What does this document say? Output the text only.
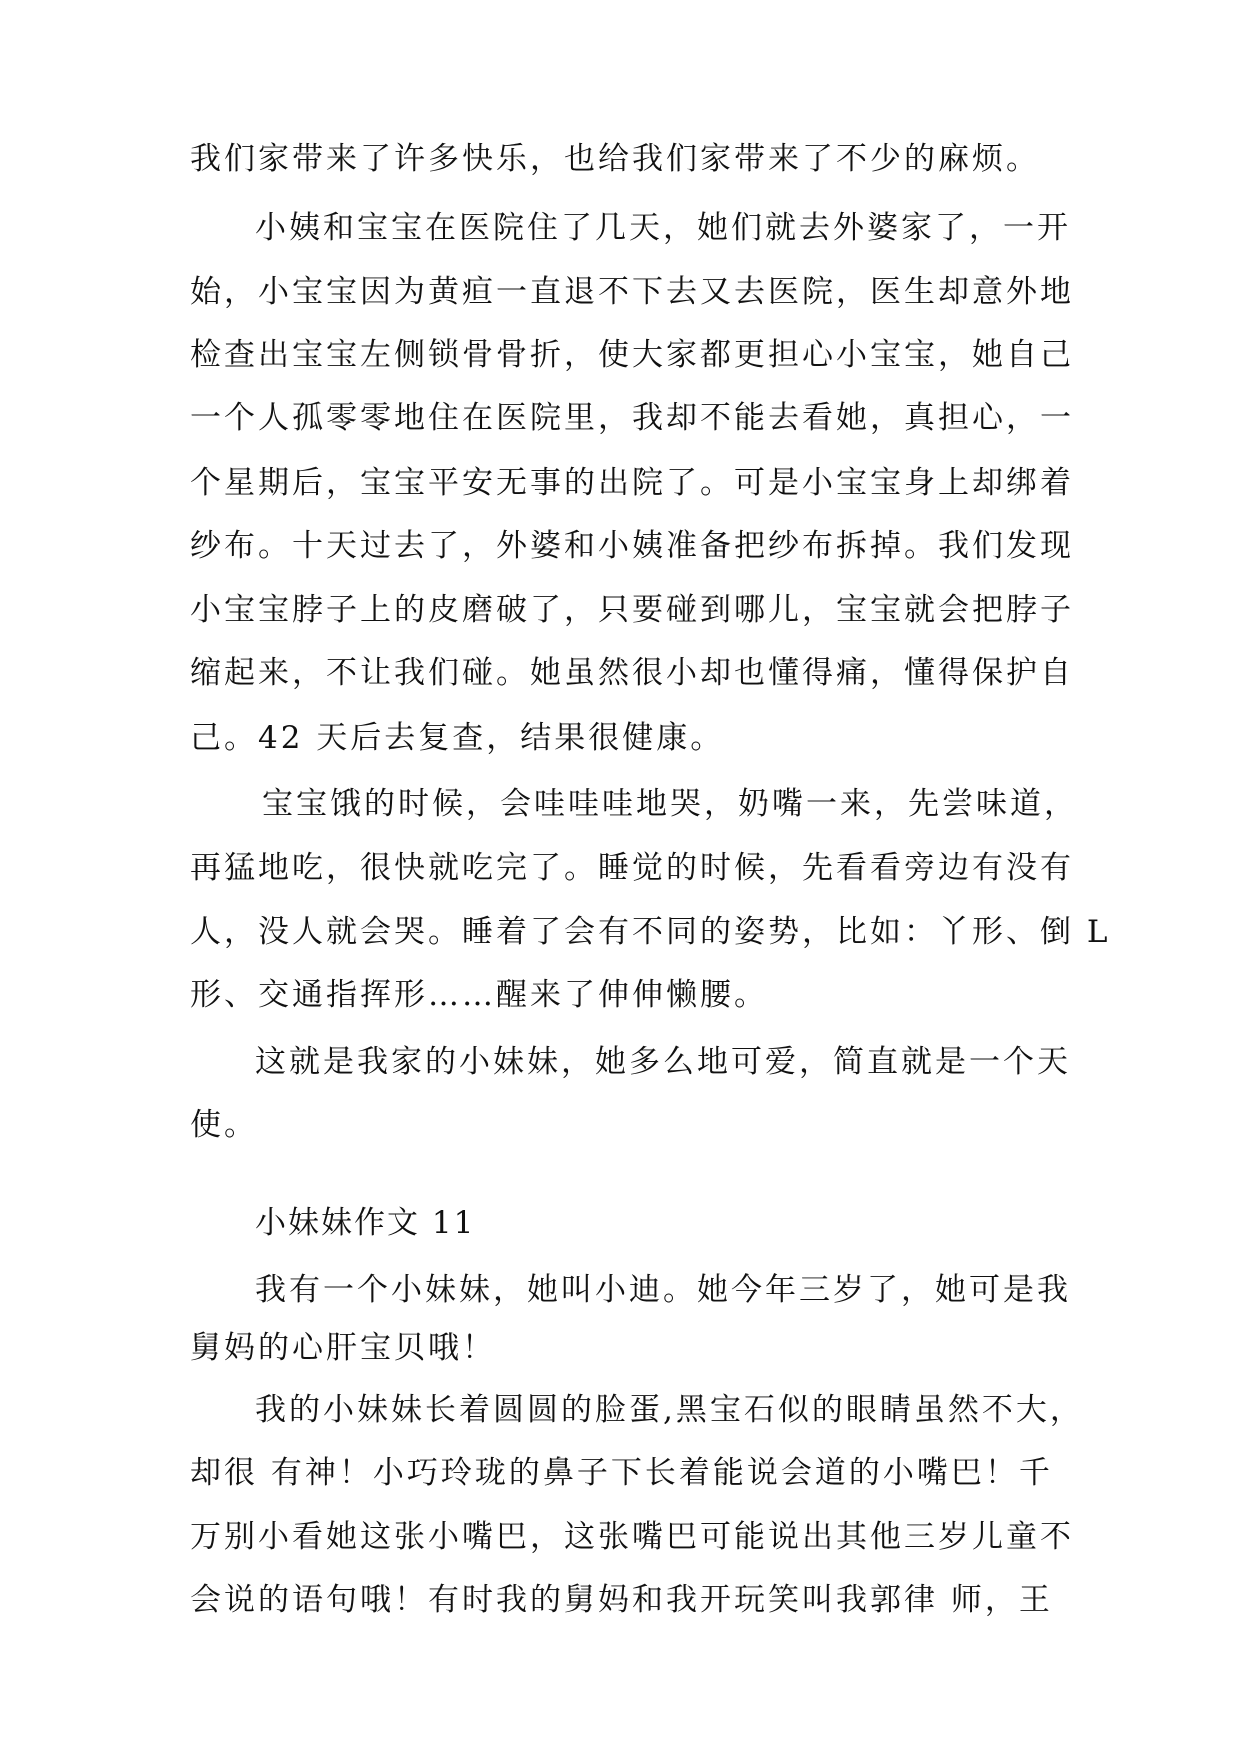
我们家带来了许多快乐，也给我们家带来了不少的麻烦。

小姨和宝宝在医院住了几天，她们就去外婆家了，一开

始，小宝宝因为黄疸一直退不下去又去医院，医生却意外地

检查出宝宝左侧锁骨骨折，使大家都更担心小宝宝，她自己

一个人孤零零地住在医院里，我却不能去看她，真担心，一

个星期后，宝宝平安无事的出院了。可是小宝宝身上却绑着

纱布。十天过去了，外婆和小姨准备把纱布拆掉。我们发现

小宝宝脖子上的皮磨破了，只要碰到哪儿，宝宝就会把脖子

缩起来，不让我们碰。她虽然很小却也懂得痛，懂得保护自

己。42 天后去复查，结果很健康。

宝宝饿的时候，会哇哇哇地哭，奶嘴一来，先尝味道，

再猛地吃，很快就吃完了。睡觉的时候，先看看旁边有没有

人，没人就会哭。睡着了会有不同的姿势，比如：丫形、倒 L

形、交通指挥形……醒来了伸伸懒腰。

这就是我家的小妹妹，她多么地可爱，简直就是一个天

使。

小妹妹作文 11

我有一个小妹妹，她叫小迪。她今年三岁了，她可是我

舅妈的心肝宝贝哦！

我的小妹妹长着圆圆的脸蛋,黑宝石似的眼睛虽然不大，

却很 有神！小巧玲珑的鼻子下长着能说会道的小嘴巴！千

万别小看她这张小嘴巴，这张嘴巴可能说出其他三岁儿童不

会说的语句哦！有时我的舅妈和我开玩笑叫我郭律 师，王
